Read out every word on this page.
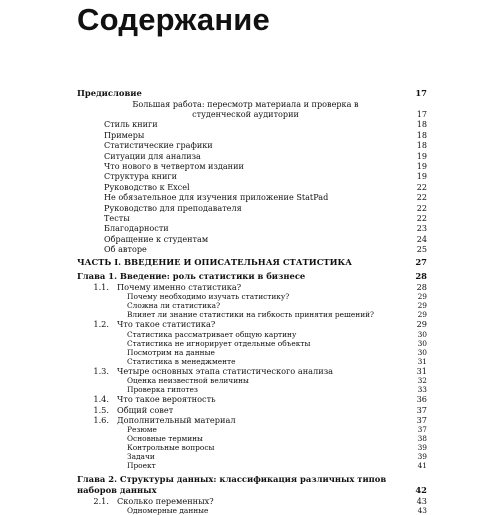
Содержание
Предисловие	17
Большая работа: пересмотр материала и проверка в студенческой аудитории	17
Стиль книги	18
Примеры	18
Статистические графики	18
Ситуации для анализа	19
Что нового в четвертом издании	19
Структура книги	19
Руководство к Excel	22
Не обязательное для изучения приложение StatPad	22
Руководство для преподавателя	22
Тесты	22
Благодарности	23
Обращение к студентам	24
Об авторе	25
ЧАСТЬ I. ВВЕДЕНИЕ И ОПИСАТЕЛЬНАЯ СТАТИСТИКА	27
Глава 1. Введение: роль статистики в бизнесе	28
1.1. Почему именно статистика?	28
Почему необходимо изучать статистику?	29
Сложна ли статистика?	29
Влияет ли знание статистики на гибкость принятия решений?	29
1.2. Что такое статистика?	29
Статистика рассматривает общую картину	30
Статистика не игнорирует отдельные объекты	30
Посмотрим на данные	30
Статистика в менеджменте	31
1.3. Четыре основных этапа статистического анализа	31
Оценка неизвестной величины	32
Проверка гипотез	33
1.4. Что такое вероятность	36
1.5. Общий совет	37
1.6. Дополнительный материал	37
Резюме	37
Основные термины	38
Контрольные вопросы	39
Задачи	39
Проект	41
Глава 2. Структуры данных: классификация различных типов наборов данных	42
2.1. Сколько переменных?	43
Одномерные данные	43
